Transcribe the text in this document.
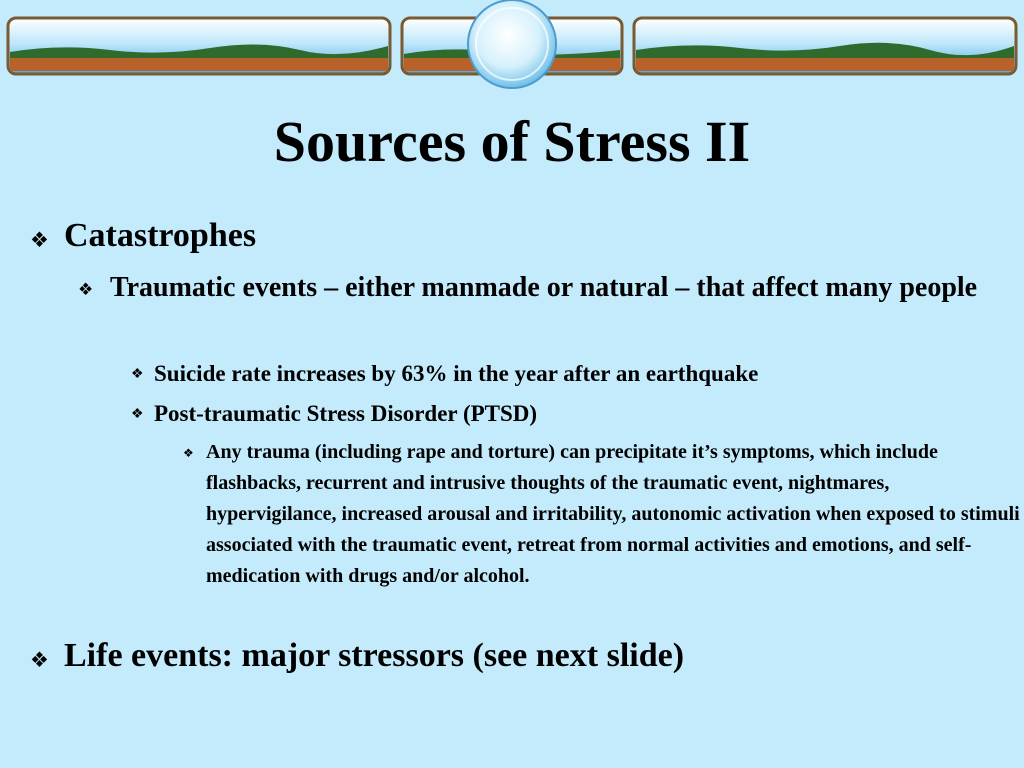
Sources of Stress II
❖ Catastrophes
❖ Traumatic events – either manmade or natural – that affect many people
❖ Suicide rate increases by 63% in the year after an earthquake
❖ Post-traumatic Stress Disorder (PTSD)
❖ Any trauma (including rape and torture) can precipitate it’s symptoms, which include flashbacks, recurrent and intrusive thoughts of the traumatic event, nightmares, hypervigilance, increased arousal and irritability, autonomic activation when exposed to stimuli associated with the traumatic event, retreat from normal activities and emotions, and self-medication with drugs and/or alcohol.
❖ Life events: major stressors (see next slide)
